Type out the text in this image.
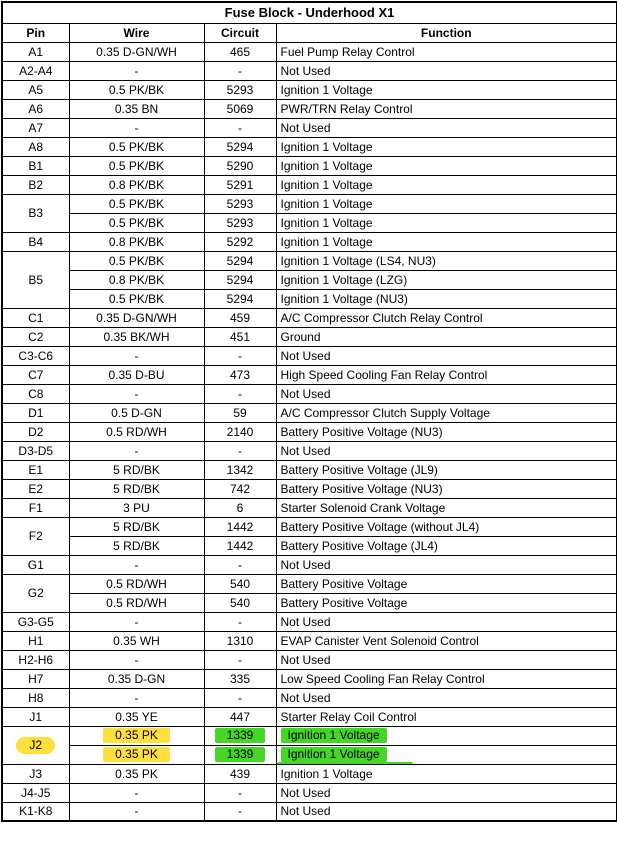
Fuse Block - Underhood X1			
Pin	Wire	Circuit	Function
A1	0.35 D-GN/WH	465	Fuel Pump Relay Control
A2-A4	-	-	Not Used
A5	0.5 PK/BK	5293	Ignition 1 Voltage
A6	0.35 BN	5069	PWR/TRN Relay Control
A7	-	-	Not Used
A8	0.5 PK/BK	5294	Ignition 1 Voltage
B1	0.5 PK/BK	5290	Ignition 1 Voltage
B2	0.8 PK/BK	5291	Ignition 1 Voltage
B3	0.5 PK/BK	5293	Ignition 1 Voltage
	0.5 PK/BK	5293	Ignition 1 Voltage
B4	0.8 PK/BK	5292	Ignition 1 Voltage
B5	0.5 PK/BK	5294	Ignition 1 Voltage (LS4, NU3)
	0.8 PK/BK	5294	Ignition 1 Voltage (LZG)
	0.5 PK/BK	5294	Ignition 1 Voltage (NU3)
C1	0.35 D-GN/WH	459	A/C Compressor Clutch Relay Control
C2	0.35 BK/WH	451	Ground
C3-C6	-	-	Not Used
C7	0.35 D-BU	473	High Speed Cooling Fan Relay Control
C8	-	-	Not Used
D1	0.5 D-GN	59	A/C Compressor Clutch Supply Voltage
D2	0.5 RD/WH	2140	Battery Positive Voltage (NU3)
D3-D5	-	-	Not Used
E1	5 RD/BK	1342	Battery Positive Voltage (JL9)
E2	5 RD/BK	742	Battery Positive Voltage (NU3)
F1	3 PU	6	Starter Solenoid Crank Voltage
F2	5 RD/BK	1442	Battery Positive Voltage (without JL4)
	5 RD/BK	1442	Battery Positive Voltage (JL4)
G1	-	-	Not Used
G2	0.5 RD/WH	540	Battery Positive Voltage
	0.5 RD/WH	540	Battery Positive Voltage
G3-G5	-	-	Not Used
H1	0.35 WH	1310	EVAP Canister Vent Solenoid Control
H2-H6	-	-	Not Used
H7	0.35 D-GN	335	Low Speed Cooling Fan Relay Control
H8	-	-	Not Used
J1	0.35 YE	447	Starter Relay Coil Control
J2	0.35 PK	1339	Ignition 1 Voltage
	0.35 PK	1339	Ignition 1 Voltage
J3	0.35 PK	439	Ignition 1 Voltage
J4-J5	-	-	Not Used
K1-K8	-	-	Not Used
